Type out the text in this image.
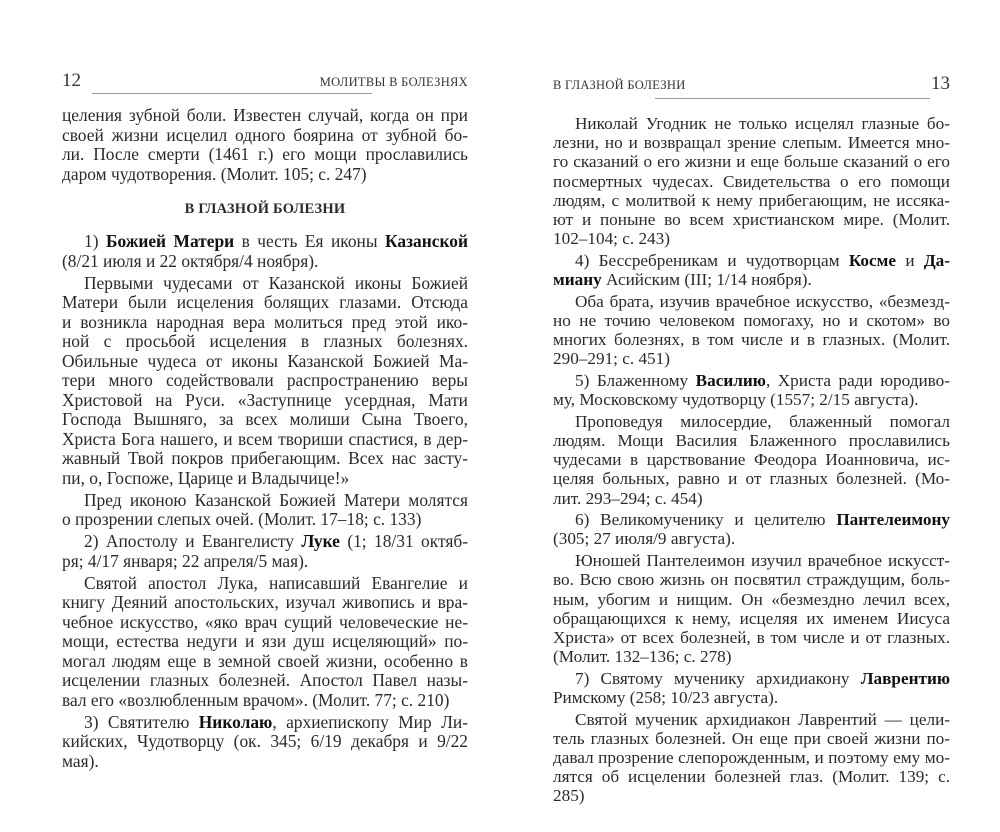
12	МОЛИТВЫ В БОЛЕЗНЯХ
целения зубной боли. Известен случай, когда он при
своей жизни исцелил одного боярина от зубной бо-
ли. После смерти (1461 г.) его мощи прославились
даром чудотворения. (Молит. 105; с. 247)
В ГЛАЗНОЙ БОЛЕЗНИ
1) Божией Матери в честь Ея иконы Казанской
(8/21 июля и 22 октября/4 ноября).
Первыми чудесами от Казанской иконы Божией
Матери были исцеления болящих глазами. Отсюда
и возникла народная вера молиться пред этой ико-
ной с просьбой исцеления в глазных болезнях.
Обильные чудеса от иконы Казанской Божией Ма-
тери много содействовали распространению веры
Христовой на Руси. «Заступнице усердная, Мати
Господа Вышняго, за всех молиши Сына Твоего,
Христа Бога нашего, и всем твориши спастися, в дер-
жавный Твой покров прибегающим. Всех нас засту-
пи, о, Госпоже, Царице и Владычице!»
Пред иконою Казанской Божией Матери молятся
о прозрении слепых очей. (Молит. 17–18; с. 133)
2) Апостолу и Евангелисту Луке (1; 18/31 октяб-
ря; 4/17 января; 22 апреля/5 мая).
Святой апостол Лука, написавший Евангелие и
книгу Деяний апостольских, изучал живопись и вра-
чебное искусство, «яко врач сущий человеческие не-
мощи, естества недуги и язи душ исцеляющий» по-
могал людям еще в земной своей жизни, особенно в
исцелении глазных болезней. Апостол Павел назы-
вал его «возлюбленным врачом». (Молит. 77; с. 210)
3) Святителю Николаю, архиепископу Мир Ли-
кийских, Чудотворцу (ок. 345; 6/19 декабря и 9/22
мая).
В ГЛАЗНОЙ БОЛЕЗНИ	13
Николай Угодник не только исцелял глазные бо-
лезни, но и возвращал зрение слепым. Имеется мно-
го сказаний о его жизни и еще больше сказаний о его
посмертных чудесах. Свидетельства о его помощи
людям, с молитвой к нему прибегающим, не иссяка-
ют и поныне во всем христианском мире. (Молит.
102–104; с. 243)
4) Бессребреникам и чудотворцам Косме и Да-
миану Асийским (III; 1/14 ноября).
Оба брата, изучив врачебное искусство, «безмезд-
но не точию человеком помогаху, но и скотом» во
многих болезнях, в том числе и в глазных. (Молит.
290–291; с. 451)
5) Блаженному Василию, Христа ради юродиво-
му, Московскому чудотворцу (1557; 2/15 августа).
Проповедуя милосердие, блаженный помогал
людям. Мощи Василия Блаженного прославились
чудесами в царствование Феодора Иоанновича, ис-
целяя больных, равно и от глазных болезней. (Мо-
лит. 293–294; с. 454)
6) Великомученику и целителю Пантелеимону
(305; 27 июля/9 августа).
Юношей Пантелеимон изучил врачебное искусст-
во. Всю свою жизнь он посвятил страждущим, боль-
ным, убогим и нищим. Он «безмездно лечил всех,
обращающихся к нему, исцеляя их именем Иисуса
Христа» от всех болезней, в том числе и от глазных.
(Молит. 132–136; с. 278)
7) Святому мученику архидиакону Лаврентию
Римскому (258; 10/23 августа).
Святой мученик архидиакон Лаврентий — цели-
тель глазных болезней. Он еще при своей жизни по-
давал прозрение слепорожденным, и поэтому ему мо-
лятся об исцелении болезней глаз. (Молит. 139; с. 285)
